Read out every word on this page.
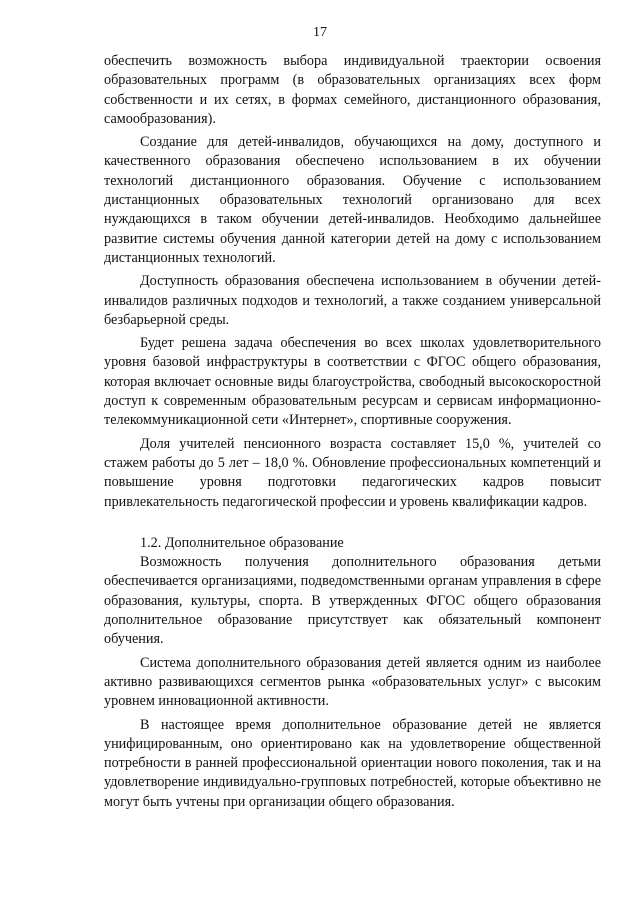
17

обеспечить возможность выбора индивидуальной траектории освоения образовательных программ (в образовательных организациях всех форм собственности и их сетях, в формах семейного, дистанционного образования, самообразования).

Создание для детей-инвалидов, обучающихся на дому, доступного и качественного образования обеспечено использованием в их обучении технологий дистанционного образования. Обучение с использованием дистанционных образовательных технологий организовано для всех нуждающихся в таком обучении детей-инвалидов. Необходимо дальнейшее развитие системы обучения данной категории детей на дому с использованием дистанционных технологий.

Доступность образования обеспечена использованием в обучении детей-инвалидов различных подходов и технологий, а также созданием универсальной безбарьерной среды.

Будет решена задача обеспечения во всех школах удовлетворительного уровня базовой инфраструктуры в соответствии с ФГОС общего образования, которая включает основные виды благоустройства, свободный высокоскоростной доступ к современным образовательным ресурсам и сервисам информационно-телекоммуникационной сети «Интернет», спортивные сооружения.

Доля учителей пенсионного возраста составляет 15,0 %, учителей со стажем работы до 5 лет – 18,0 %. Обновление профессиональных компетенций и повышение уровня подготовки педагогических кадров повысит привлекательность педагогической профессии и уровень квалификации кадров.

1.2. Дополнительное образование

Возможность получения дополнительного образования детьми обеспечивается организациями, подведомственными органам управления в сфере образования, культуры, спорта. В утвержденных ФГОС общего образования дополнительное образование присутствует как обязательный компонент обучения.

Система дополнительного образования детей является одним из наиболее активно развивающихся сегментов рынка «образовательных услуг» с высоким уровнем инновационной активности.

В настоящее время дополнительное образование детей не является унифицированным, оно ориентировано как на удовлетворение общественной потребности в ранней профессиональной ориентации нового поколения, так и на удовлетворение индивидуально-групповых потребностей, которые объективно не могут быть учтены при организации общего образования.
